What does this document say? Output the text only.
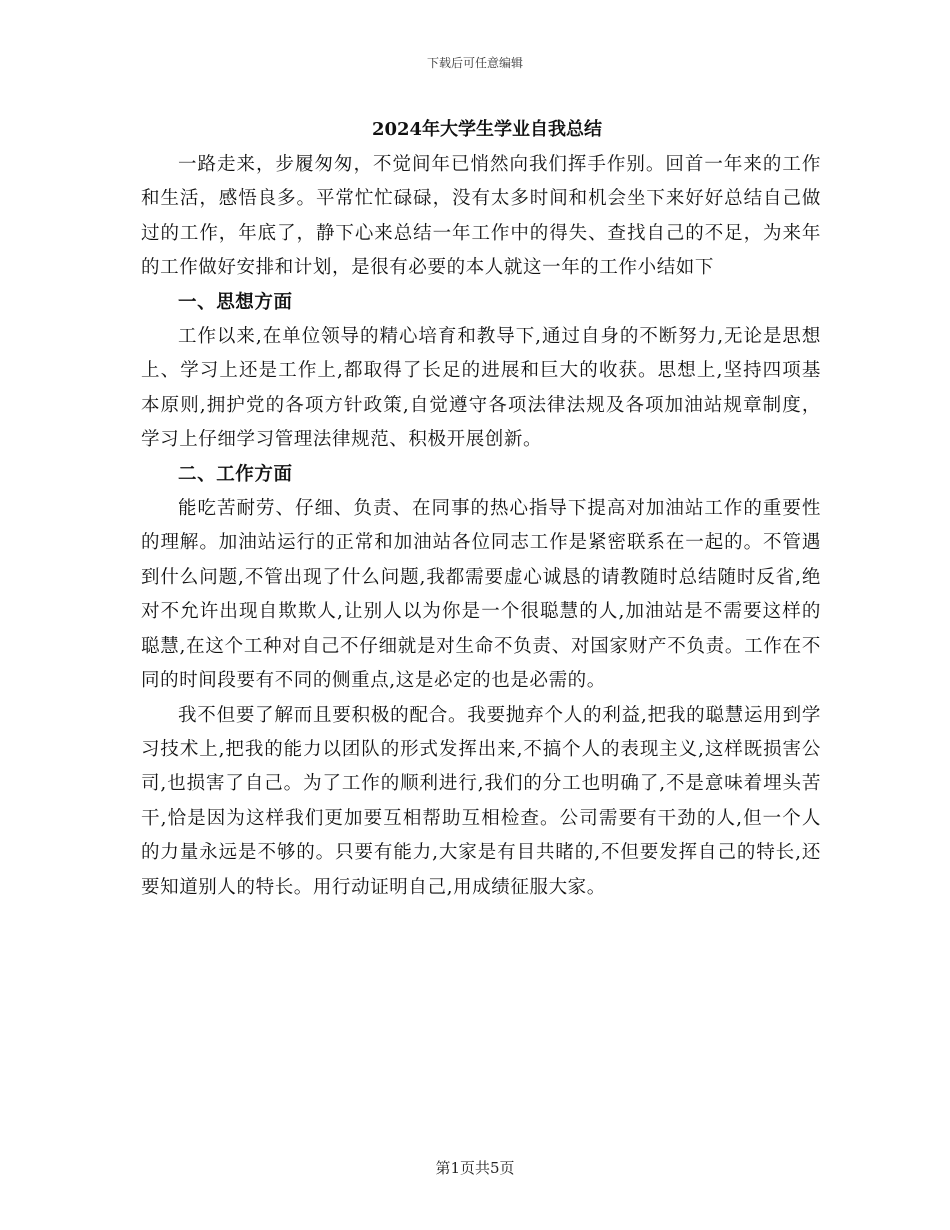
下载后可任意编辑
2024年大学生学业自我总结

一路走来，步履匆匆，不觉间年已悄然向我们挥手作别。回首一年来的工作和生活，感悟良多。平常忙忙碌碌，没有太多时间和机会坐下来好好总结自己做过的工作，年底了，静下心来总结一年工作中的得失、查找自己的不足，为来年的工作做好安排和计划，是很有必要的本人就这一年的工作小结如下

一、思想方面

工作以来,在单位领导的精心培育和教导下,通过自身的不断努力,无论是思想上、学习上还是工作上,都取得了长足的进展和巨大的收获。思想上,坚持四项基本原则,拥护党的各项方针政策,自觉遵守各项法律法规及各项加油站规章制度，学习上仔细学习管理法律规范、积极开展创新。

二、工作方面

能吃苦耐劳、仔细、负责、在同事的热心指导下提高对加油站工作的重要性的理解。加油站运行的正常和加油站各位同志工作是紧密联系在一起的。不管遇到什么问题,不管出现了什么问题,我都需要虚心诚恳的请教随时总结随时反省,绝对不允许出现自欺欺人,让别人以为你是一个很聪慧的人,加油站是不需要这样的聪慧,在这个工种对自己不仔细就是对生命不负责、对国家财产不负责。工作在不同的时间段要有不同的侧重点,这是必定的也是必需的。

我不但要了解而且要积极的配合。我要抛弃个人的利益,把我的聪慧运用到学习技术上,把我的能力以团队的形式发挥出来,不搞个人的表现主义,这样既损害公司,也损害了自己。为了工作的顺利进行,我们的分工也明确了,不是意味着埋头苦干,恰是因为这样我们更加要互相帮助互相检查。公司需要有干劲的人,但一个人的力量永远是不够的。只要有能力,大家是有目共睹的,不但要发挥自己的特长,还要知道别人的特长。用行动证明自己,用成绩征服大家。

第1页共5页
